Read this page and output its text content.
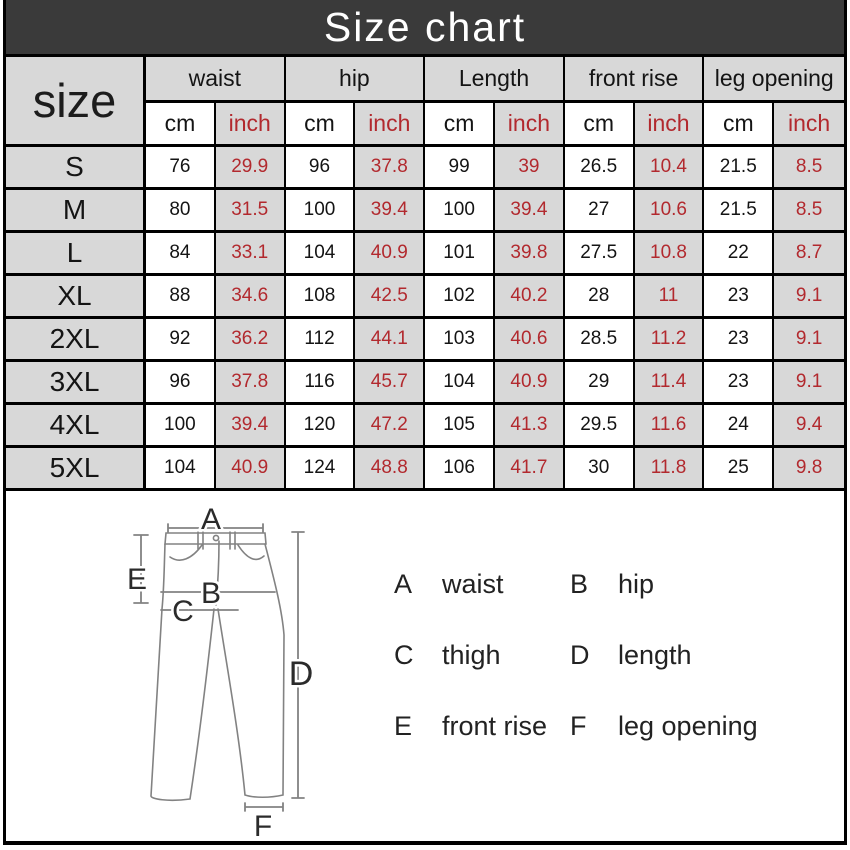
Size chart
size	waist	hip	Length	front rise	leg opening
cm	inch	cm	inch	cm	inch	cm	inch	cm	inch
S	76	29.9	96	37.8	99	39	26.5	10.4	21.5	8.5
M	80	31.5	100	39.4	100	39.4	27	10.6	21.5	8.5
L	84	33.1	104	40.9	101	39.8	27.5	10.8	22	8.7
XL	88	34.6	108	42.5	102	40.2	28	11	23	9.1
2XL	92	36.2	112	44.1	103	40.6	28.5	11.2	23	9.1
3XL	96	37.8	116	45.7	104	40.9	29	11.4	23	9.1
4XL	100	39.4	120	47.2	105	41.3	29.5	11.6	24	9.4
5XL	104	40.9	124	48.8	106	41.7	30	11.8	25	9.8
A
E B
C
D
F
A	waist B	hip
C	thigh	D	length
E	front rise F	leg opening
